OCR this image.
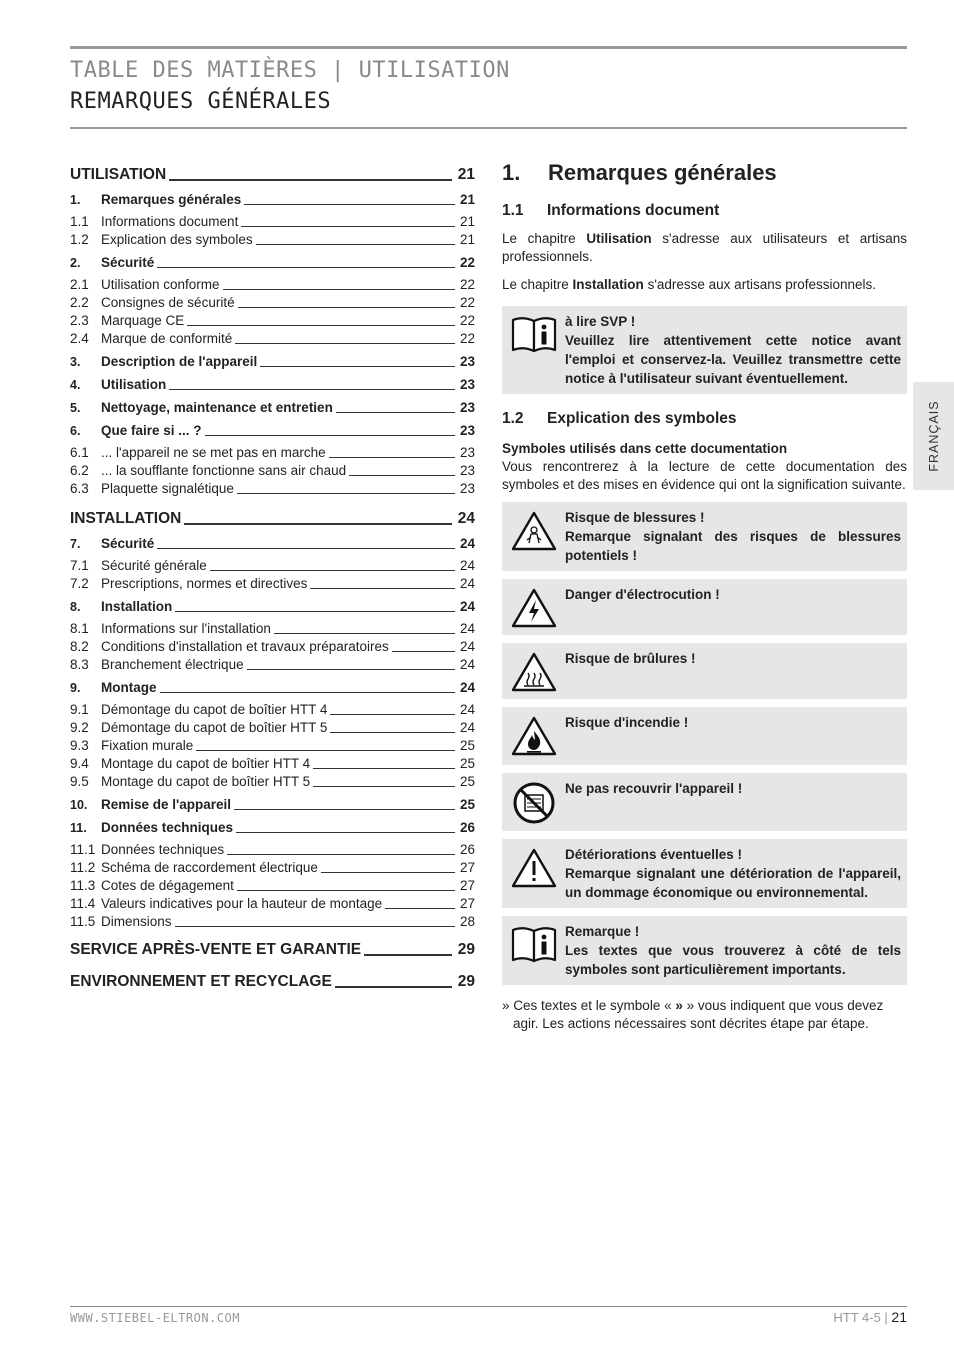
TABLE DES MATIÈRES | UTILISATION
REMARQUES GÉNÉRALES
UTILISATION	21
1.	Remarques générales	21
1.1 Informations document	21
1.2 Explication des symboles	21
2.	Sécurité	22
2.1 Utilisation conforme	22
2.2 Consignes de sécurité	22
2.3 Marquage CE	22
2.4 Marque de conformité	22
3.	Description de l'appareil	23
4.	Utilisation	23
5.	Nettoyage, maintenance et entretien	23
6.	Que faire si ... ?	23
6.1 ... l'appareil ne se met pas en marche	23
6.2 ... la soufflante fonctionne sans air chaud	23
6.3 Plaquette signalétique	23
INSTALLATION	24
7.	Sécurité	24
7.1 Sécurité générale	24
7.2 Prescriptions, normes et directives	24
8.	Installation	24
8.1 Informations sur l'installation	24
8.2 Conditions d'installation et travaux préparatoires	24
8.3 Branchement électrique	24
9.	Montage	24
9.1 Démontage du capot de boîtier HTT 4	24
9.2 Démontage du capot de boîtier HTT 5	24
9.3 Fixation murale	25
9.4 Montage du capot de boîtier HTT 4	25
9.5 Montage du capot de boîtier HTT 5	25
10.	Remise de l'appareil	25
11.	Données techniques	26
11.1 Données techniques	26
11.2 Schéma de raccordement électrique	27
11.3 Cotes de dégagement	27
11.4 Valeurs indicatives pour la hauteur de montage	27
11.5 Dimensions	28
SERVICE APRÈS-VENTE ET GARANTIE	29
ENVIRONNEMENT ET RECYCLAGE	29
1.	Remarques générales
1.1	Informations document
Le chapitre Utilisation s'adresse aux utilisateurs et artisans professionnels.
Le chapitre Installation s'adresse aux artisans professionnels.
à lire SVP !
Veuillez lire attentivement cette notice avant l'emploi et conservez-la. Veuillez transmettre cette notice à l'utilisateur suivant éventuellement.
1.2	Explication des symboles
Symboles utilisés dans cette documentation
Vous rencontrerez à la lecture de cette documentation des symboles et des mises en évidence qui ont la signification suivante.
Risque de blessures !
Remarque signalant des risques de blessures potentiels !
Danger d'électrocution !
Risque de brûlures !
Risque d'incendie !
Ne pas recouvrir l'appareil !
Détériorations éventuelles !
Remarque signalant une détérioration de l'appareil, un dommage économique ou environnemental.
Remarque !
Les textes que vous trouverez à côté de tels symboles sont particulièrement importants.
» Ces textes et le symbole « » » vous indiquent que vous devez agir. Les actions nécessaires sont décrites étape par étape.
FRANÇAIS
WWW.STIEBEL-ELTRON.COM	HTT 4-5 | 21
